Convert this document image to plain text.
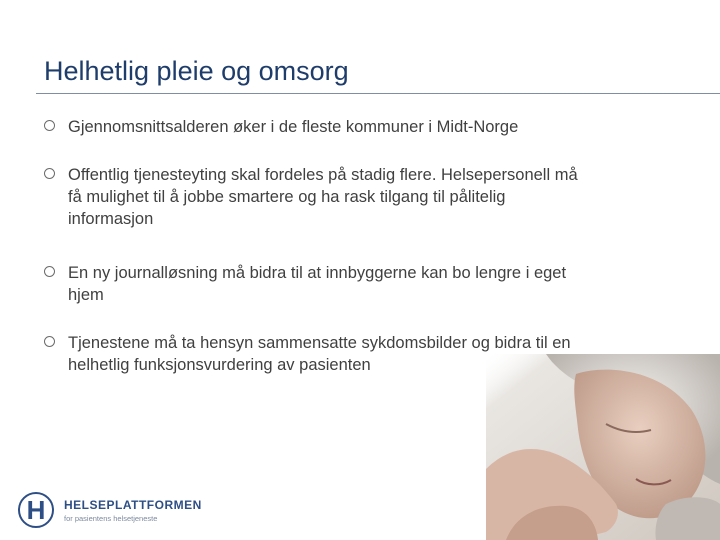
Helhetlig pleie og omsorg
Gjennomsnittsalderen øker i de fleste kommuner i Midt-Norge
Offentlig tjenesteyting skal fordeles på stadig flere. Helsepersonell må få mulighet til å jobbe smartere og ha rask tilgang til pålitelig informasjon
En ny journalløsning må bidra til at innbyggerne kan bo lengre i eget hjem
Tjenestene må ta hensyn sammensatte sykdomsbilder og bidra til en helhetlig funksjonsvurdering av pasienten
H	HELSEPLATTFORMEN
for pasientens helsetjeneste
